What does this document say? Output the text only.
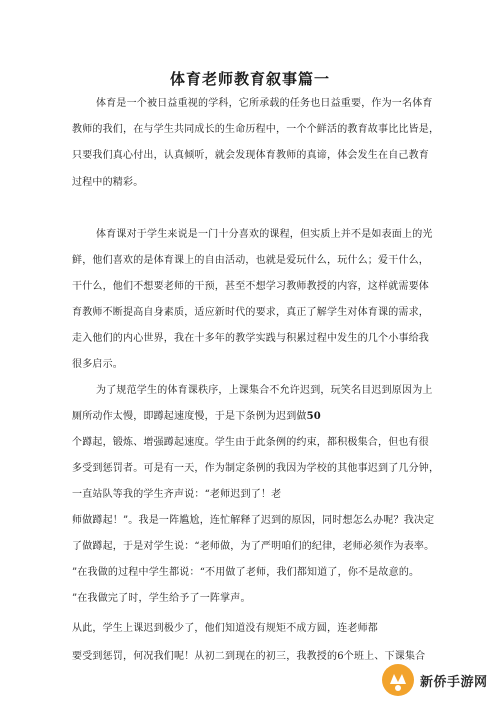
体育老师教育叙事篇一
体育是一个被日益重视的学科，它所承载的任务也日益重要，作为一名体育
教师的我们，在与学生共同成长的生命历程中，一个个鲜活的教育故事比比皆是，
只要我们真心付出，认真倾听，就会发现体育教师的真谛，体会发生在自己教育
过程中的精彩。
体育课对于学生来说是一门十分喜欢的课程，但实质上并不是如表面上的光
鲜，他们喜欢的是体育课上的自由活动，也就是爱玩什么，玩什么；爱干什么，
干什么，他们不想要老师的干预，甚至不想学习教师教授的内容，这样就需要体
育教师不断提高自身素质，适应新时代的要求，真正了解学生对体育课的需求，
走入他们的内心世界，我在十多年的教学实践与积累过程中发生的几个小事给我
很多启示。
为了规范学生的体育课秩序，上课集合不允许迟到，玩笑名目迟到原因为上
厕所动作太慢，即蹲起速度慢，于是下条例为迟到做50
个蹲起，锻炼、增强蹲起速度。学生由于此条例的约束，都积极集合，但也有很
多受到惩罚者。可是有一天，作为制定条例的我因为学校的其他事迟到了几分钟，
一直站队等我的学生齐声说：“老师迟到了！老
师做蹲起！”。我是一阵尴尬，连忙解释了迟到的原因，同时想怎么办呢？我决定
了做蹲起，于是对学生说：“老师做，为了严明咱们的纪律，老师必须作为表率。
”在我做的过程中学生都说：“不用做了老师，我们都知道了，你不是故意的。
”在我做完了时，学生给予了一阵掌声。
从此，学生上课迟到极少了，他们知道没有规矩不成方圆，连老师都
要受到惩罚，何况我们呢！从初二到现在的初三，我教授的6个班上、下课集合
新侨手游网
